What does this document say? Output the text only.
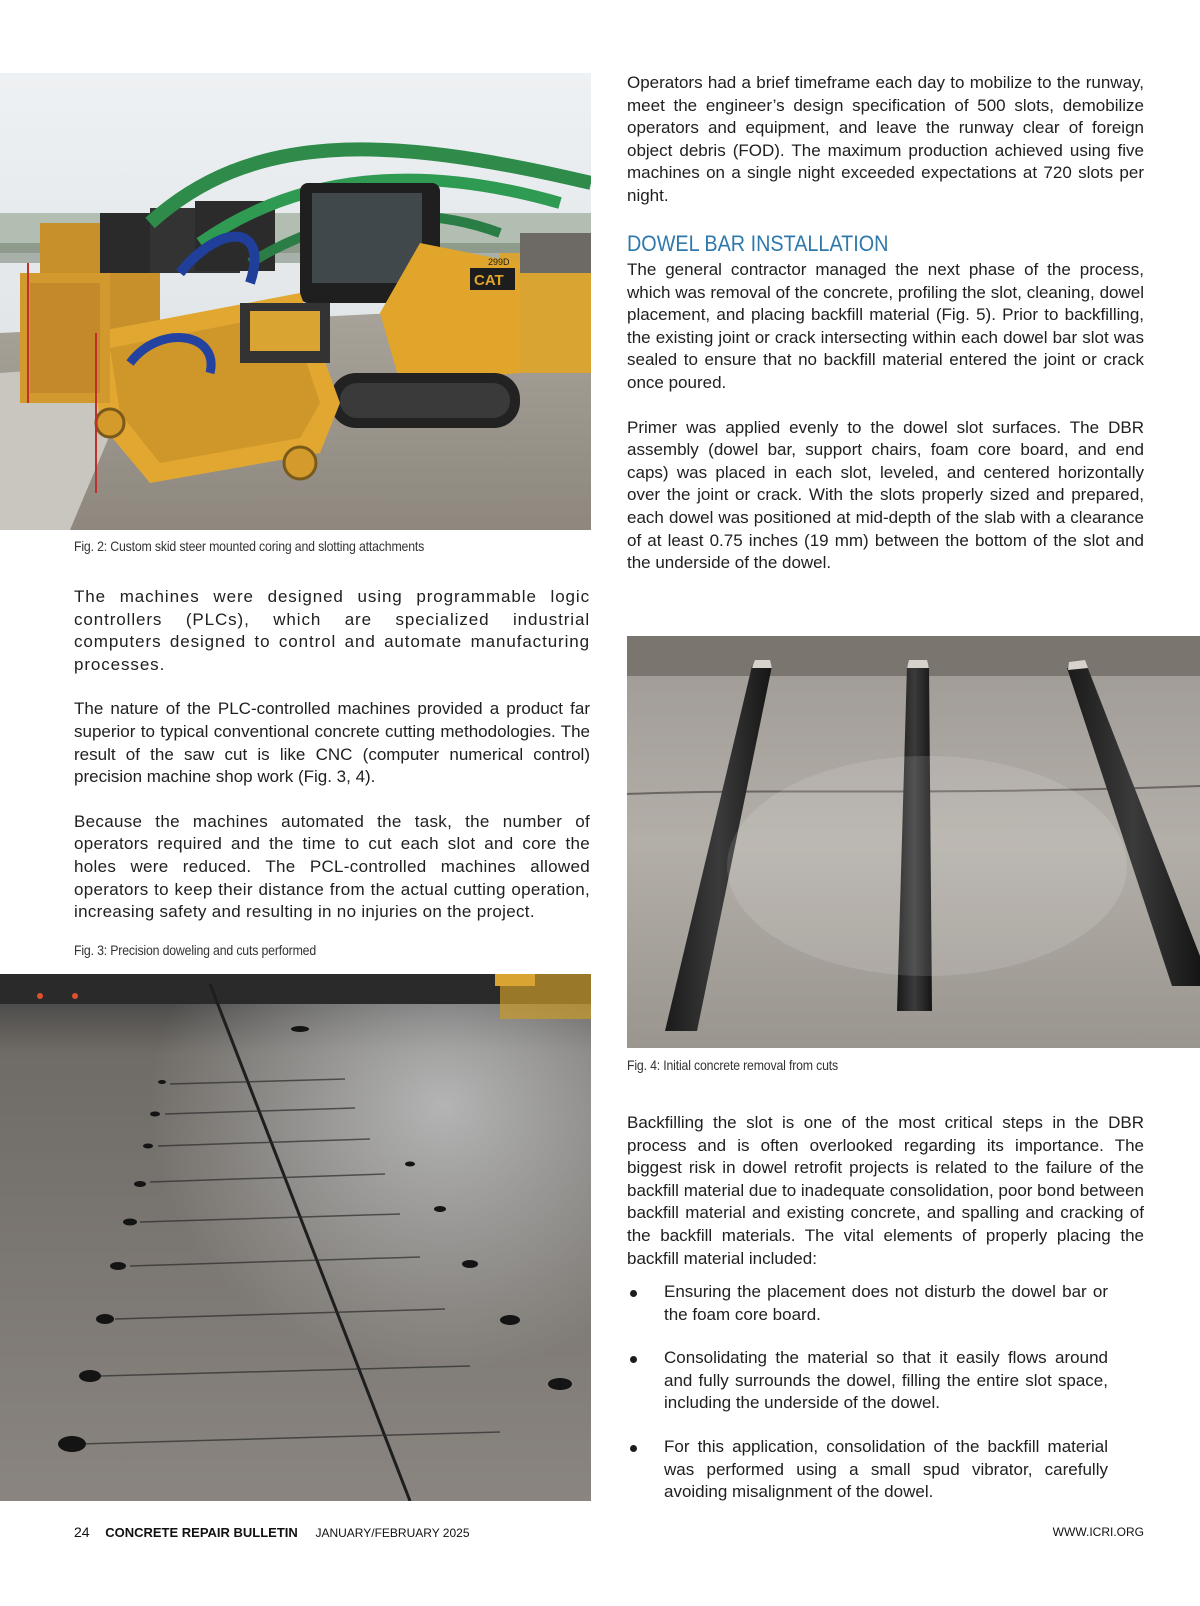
CAT
299D
Fig. 2: Custom skid steer mounted coring and slotting attachments

The machines were designed using programmable logic controllers (PLCs), which are specialized industrial computers designed to control and automate manufacturing processes.

The nature of the PLC-controlled machines provided a product far superior to typical conventional concrete cutting methodologies. The result of the saw cut is like CNC (computer numerical control) precision machine shop work (Fig. 3, 4).

Because the machines automated the task, the number of operators required and the time to cut each slot and core the holes were reduced. The PCL-controlled machines allowed operators to keep their distance from the actual cutting operation, increasing safety and resulting in no injuries on the project.

Fig. 3: Precision doweling and cuts performed

Operators had a brief timeframe each day to mobilize to the runway, meet the engineer’s design specification of 500 slots, demobilize operators and equipment, and leave the runway clear of foreign object debris (FOD). The maximum production achieved using five machines on a single night exceeded expectations at 720 slots per night.

DOWEL BAR INSTALLATION

The general contractor managed the next phase of the process, which was removal of the concrete, profiling the slot, cleaning, dowel placement, and placing backfill material (Fig. 5). Prior to backfilling, the existing joint or crack intersecting within each dowel bar slot was sealed to ensure that no backfill material entered the joint or crack once poured.

Primer was applied evenly to the dowel slot surfaces. The DBR assembly (dowel bar, support chairs, foam core board, and end caps) was placed in each slot, leveled, and centered horizontally over the joint or crack. With the slots properly sized and prepared, each dowel was positioned at mid-depth of the slab with a clearance of at least 0.75 inches (19 mm) between the bottom of the slot and the underside of the dowel.

Fig. 4: Initial concrete removal from cuts

Backfilling the slot is one of the most critical steps in the DBR process and is often overlooked regarding its importance. The biggest risk in dowel retrofit projects is related to the failure of the backfill material due to inadequate consolidation, poor bond between backfill material and existing concrete, and spalling and cracking of the backfill materials. The vital elements of properly placing the backfill material included:

Ensuring the placement does not disturb the dowel bar or the foam core board.
Consolidating the material so that it easily flows around and fully surrounds the dowel, filling the entire slot space, including the underside of the dowel.
For this application, consolidation of the backfill material was performed using a small spud vibrator, carefully avoiding misalignment of the dowel.
24 CONCRETE REPAIR BULLETIN JANUARY/FEBRUARY 2025	WWW.ICRI.ORG
